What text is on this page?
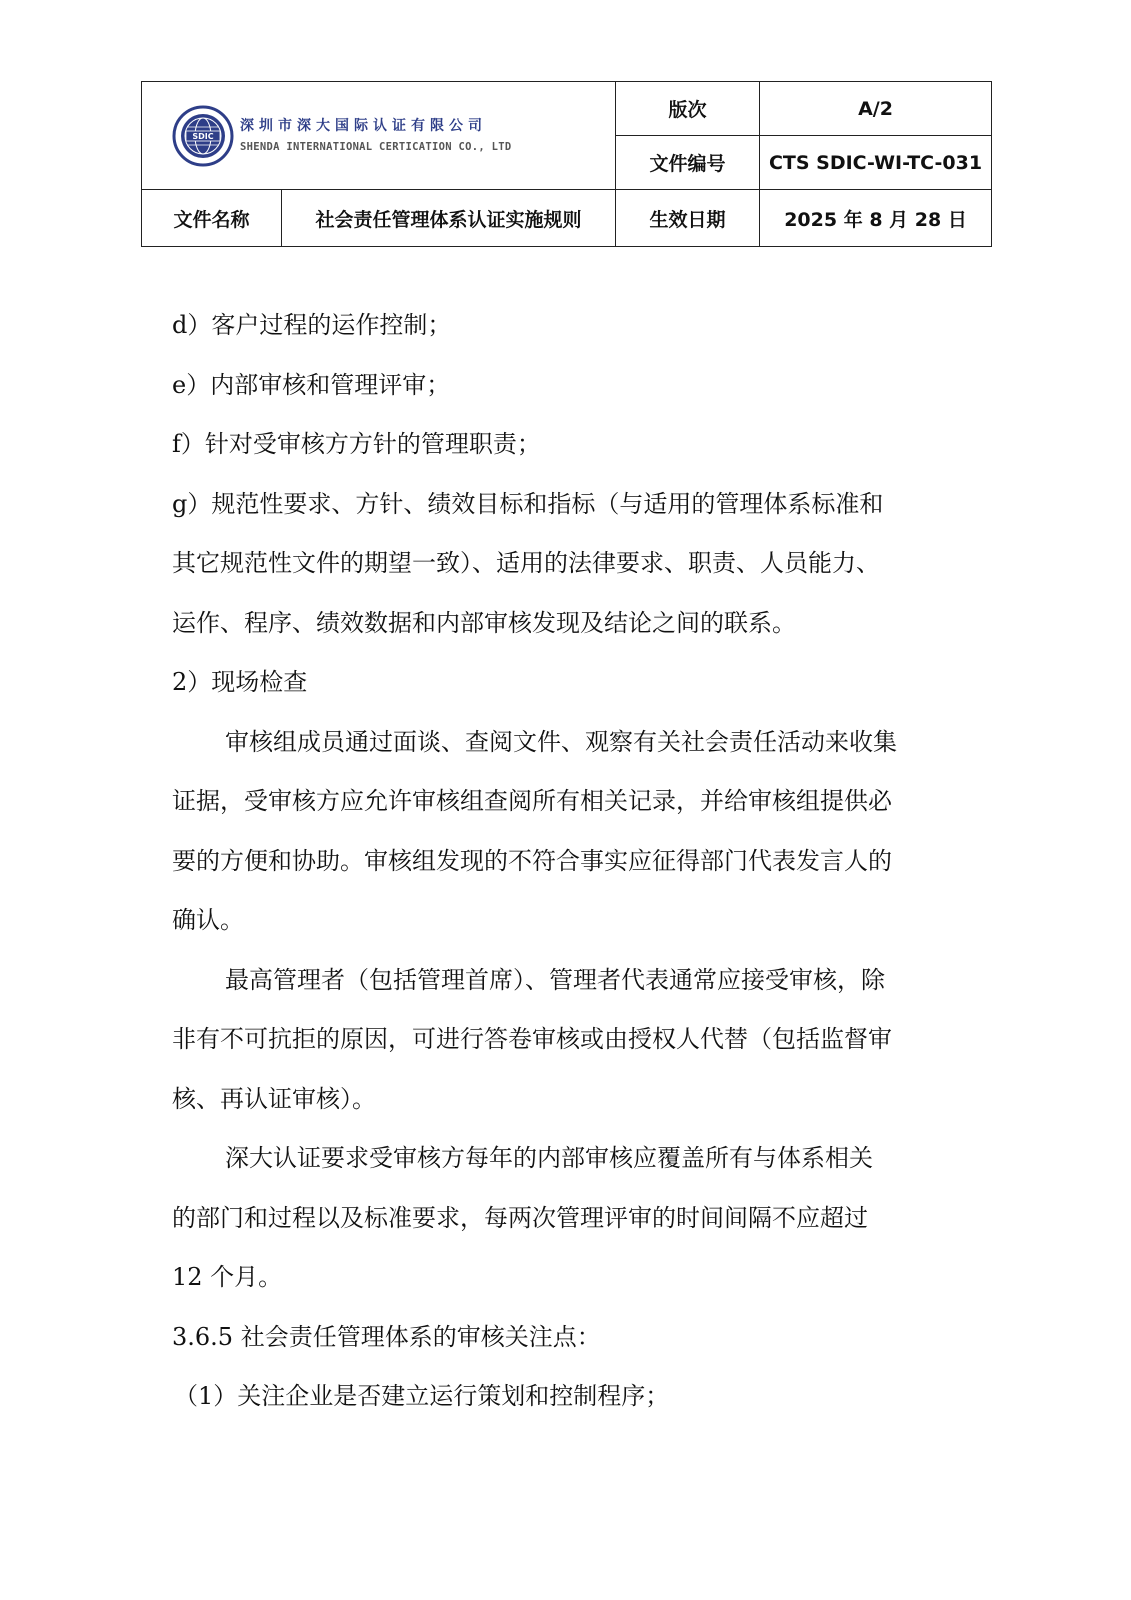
SDIC
深圳市深大国际认证有限公司
SHENDA INTERNATIONAL CERTICATION CO., LTD		版次	A/2
		文件编号	CTS SDIC-WI-TC-031
文件名称	社会责任管理体系认证实施规则	生效日期	2025 年 8 月 28 日
d）客户过程的运作控制；
e）内部审核和管理评审；
f）针对受审核方方针的管理职责；
g）规范性要求、方针、绩效目标和指标（与适用的管理体系标准和
其它规范性文件的期望一致）、适用的法律要求、职责、人员能力、
运作、程序、绩效数据和内部审核发现及结论之间的联系。
2）现场检查
审核组成员通过面谈、查阅文件、观察有关社会责任活动来收集
证据，受审核方应允许审核组查阅所有相关记录，并给审核组提供必
要的方便和协助。审核组发现的不符合事实应征得部门代表发言人的
确认。
最高管理者（包括管理首席）、管理者代表通常应接受审核，除
非有不可抗拒的原因，可进行答卷审核或由授权人代替（包括监督审
核、再认证审核）。
深大认证要求受审核方每年的内部审核应覆盖所有与体系相关
的部门和过程以及标准要求，每两次管理评审的时间间隔不应超过
12 个月。
3.6.5 社会责任管理体系的审核关注点：
（1）关注企业是否建立运行策划和控制程序；
